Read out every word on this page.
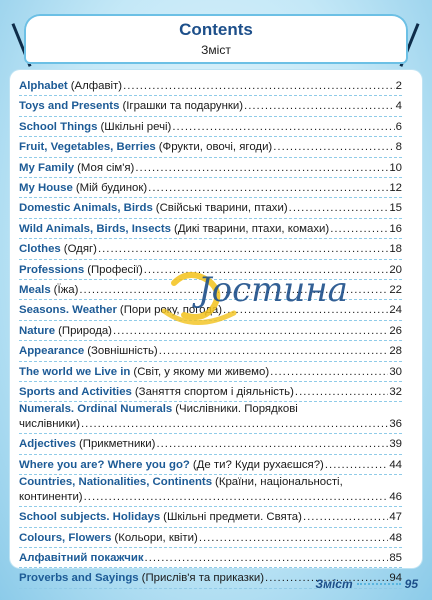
Contents
Зміст
Alphabet (Алфавіт) .....	2
Toys and Presents (Іграшки та подарунки) .....	4
School Things (Шкільні речі) .....	6
Fruit, Vegetables, Berries (Фрукти, овочі, ягоди) .....	8
My Family (Моя сім'я) .....	10
My House (Мій будинок) .....	12
Domestic Animals, Birds (Свійські тварини, птахи) .....	15
Wild Animals, Birds, Insects (Дикі тварини, птахи, комахи) .....	16
Clothes (Одяг) .....	18
Professions (Професії) .....	20
Meals (Їжа) .....	22
Seasons. Weather (Пори року, погода) .....	24
Nature (Природа) .....	26
Appearance (Зовнішність) .....	28
The world we Live in (Світ, у якому ми живемо) .....	30
Sports and Activities (Заняття спортом і діяльність) .....	32
Numerals. Ordinal Numerals (Числівники. Порядкові
числівники) .....	36
Adjectives (Прикметники) .....	39
Where you are? Where you go? (Де ти? Куди рухаєшся?) .....	44
Countries, Nationalities, Continents (Країни, національності,
континенти) .....	46
School subjects. Holidays (Шкільні предмети. Свята) .....	47
Colours, Flowers (Кольори, квіти) .....	48
Алфавітний покажчик .....	85
Proverbs and Sayings (Прислів'я та приказки) .....	94
Jостина
Зміст	95
